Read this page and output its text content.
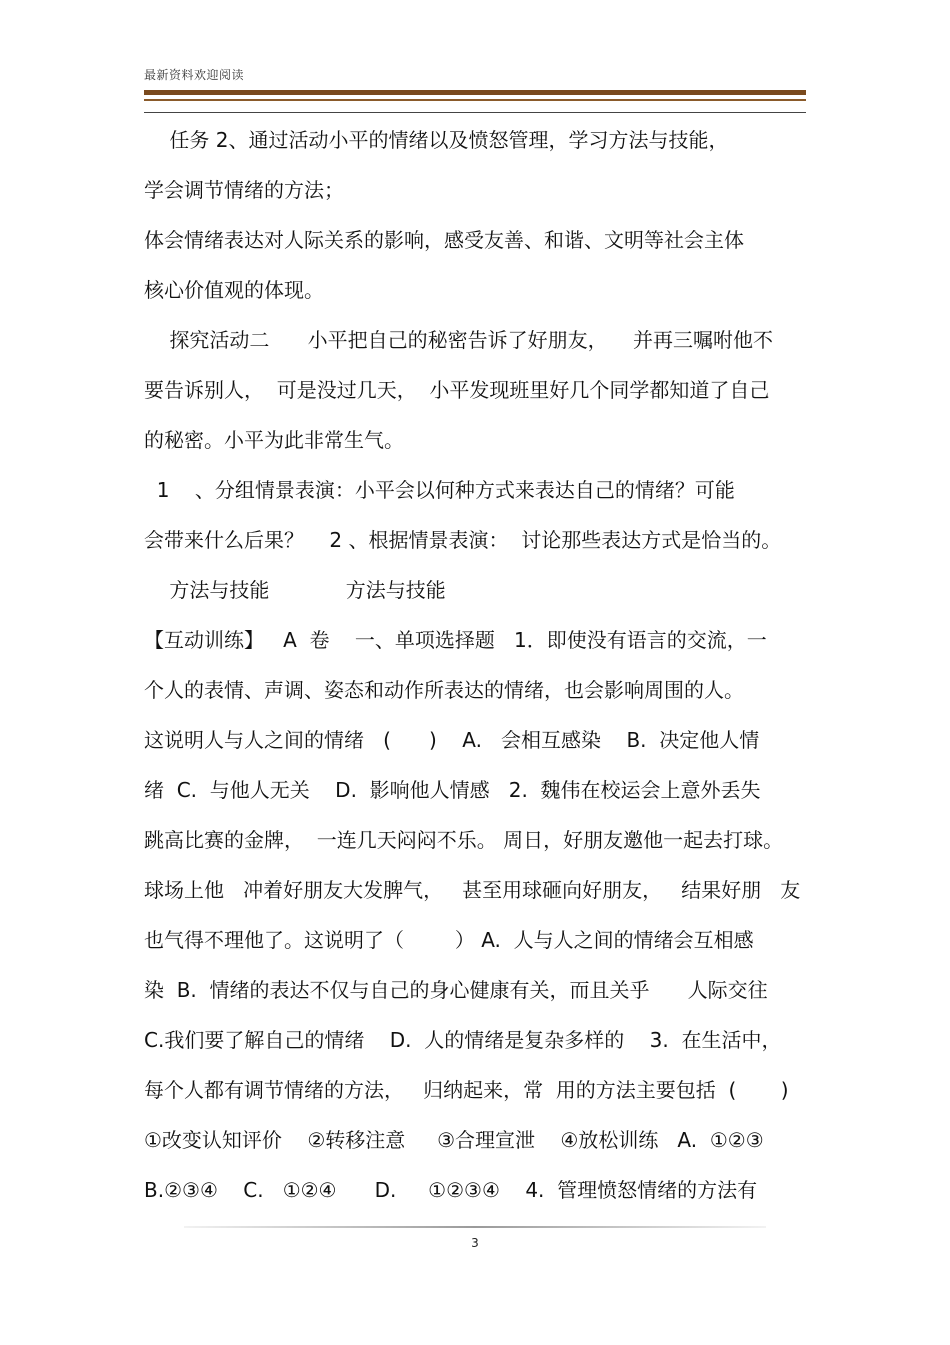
最新资料欢迎阅读
任务 2、通过活动小平的情绪以及愤怒管理，学习方法与技能，
学会调节情绪的方法；
体会情绪表达对人际关系的影响，感受友善、和谐、文明等社会主体
核心价值观的体现。
探究活动二      小平把自己的秘密告诉了好朋友，    并再三嘱咐他不
要告诉别人，  可是没过几天，  小平发现班里好几个同学都知道了自己
的秘密。小平为此非常生气。
1    、分组情景表演：小平会以何种方式来表达自己的情绪？可能
会带来什么后果？    2 、根据情景表演：  讨论那些表达方式是恰当的。
方法与技能            方法与技能
【互动训练】   A  卷    一、单项选择题   1．即使没有语言的交流，一
个人的表情、声调、姿态和动作所表达的情绪，也会影响周围的人。
这说明人与人之间的情绪   (      )    A.   会相互感染    B.  决定他人情
绪  C.  与他人无关    D.  影响他人情感   2.  魏伟在校运会上意外丢失
跳高比赛的金牌，  一连几天闷闷不乐。 周日，好朋友邀他一起去打球。
球场上他   冲着好朋友大发脾气，   甚至用球砸向好朋友，   结果好朋   友
也气得不理他了。这说明了（        ） A.  人与人之间的情绪会互相感
染  B.  情绪的表达不仅与自己的身心健康有关，而且关乎      人际交往
C.我们要了解自己的情绪    D.  人的情绪是复杂多样的    3.  在生活中，
每个人都有调节情绪的方法，   归纳起来，常  用的方法主要包括  (       )
①改变认知评价    ②转移注意     ③合理宣泄    ④放松训练   A.  ①②③
B.②③④    C.   ①②④      D.     ①②③④    4.  管理愤怒情绪的方法有
3
